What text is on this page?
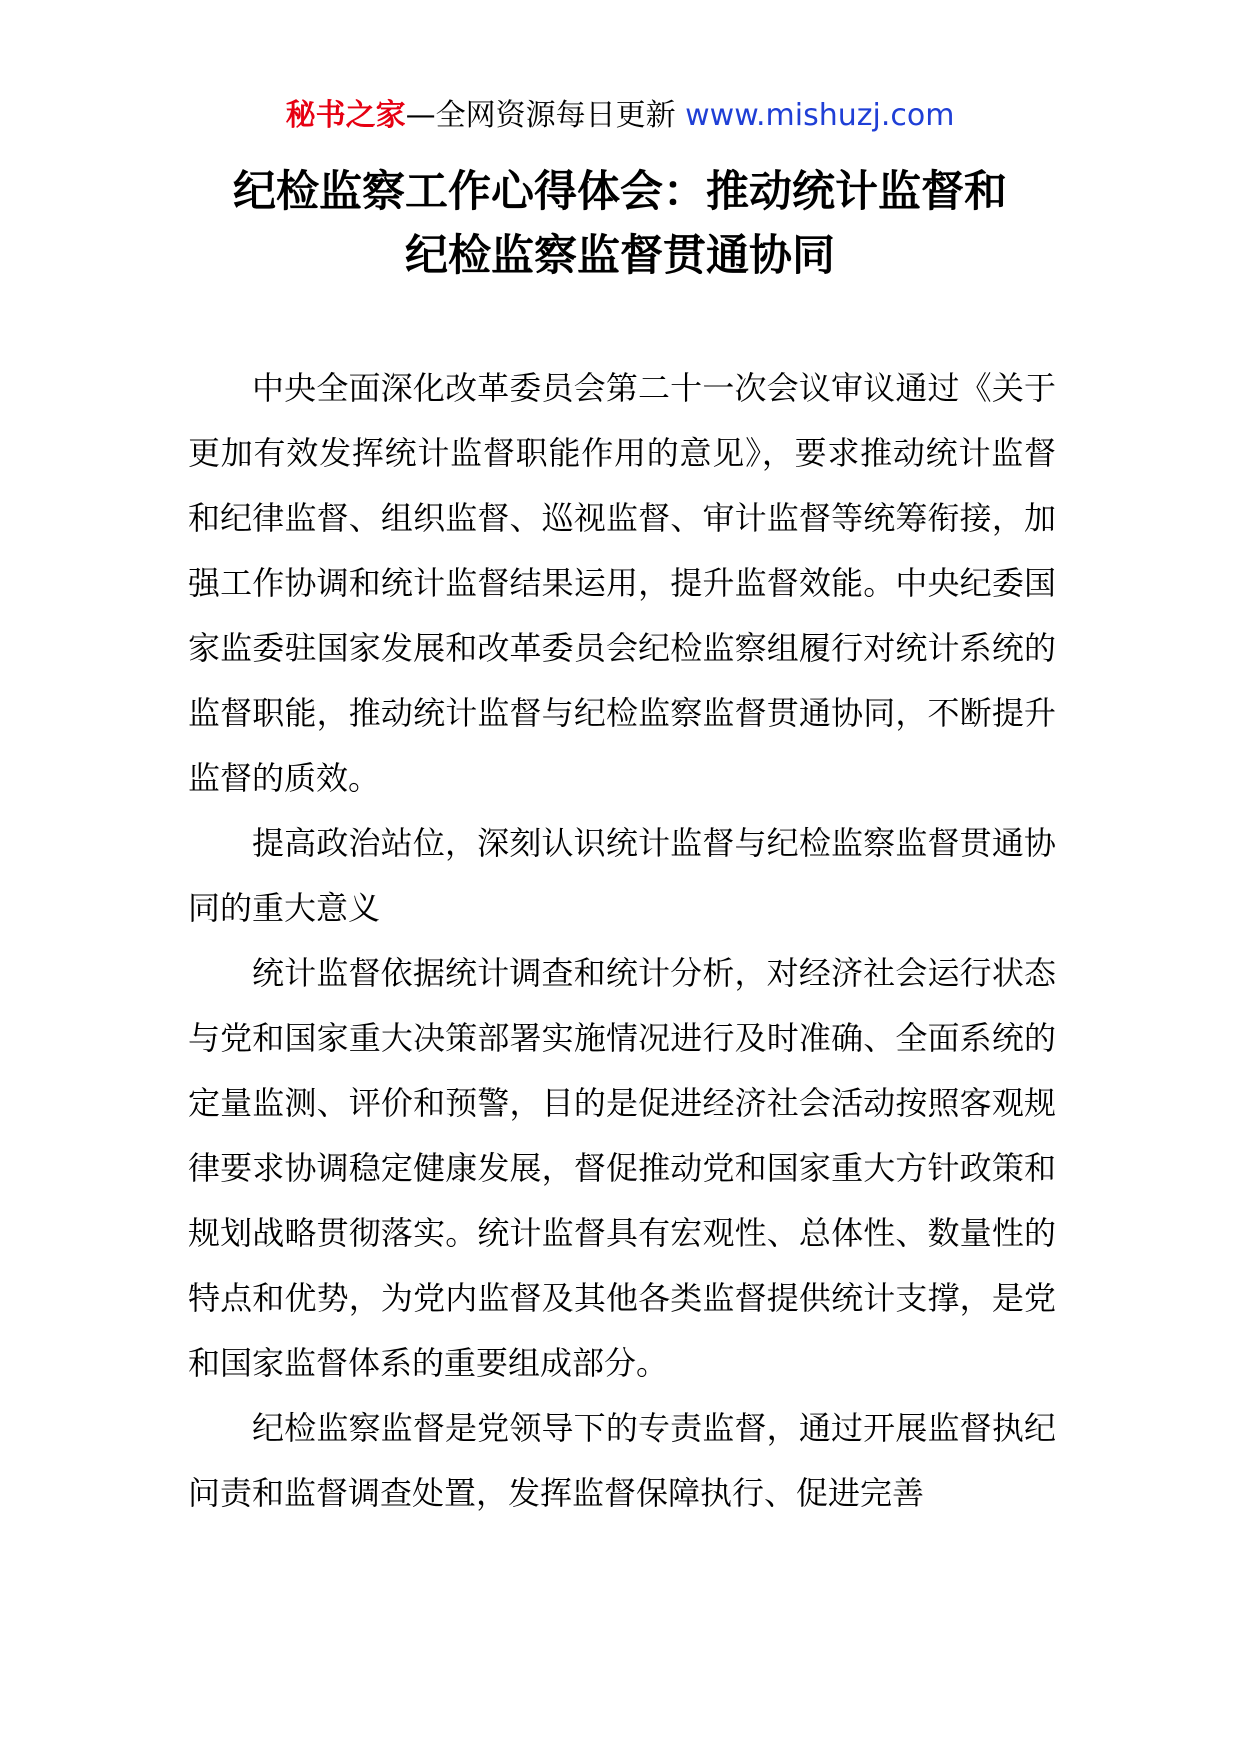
秘书之家—全网资源每日更新 www.mishuzj.com
纪检监察工作心得体会：推动统计监督和
纪检监察监督贯通协同

中央全面深化改革委员会第二十一次会议审议通过《关于更加有效发挥统计监督职能作用的意见》，要求推动统计监督和纪律监督、组织监督、巡视监督、审计监督等统筹衔接，加强工作协调和统计监督结果运用，提升监督效能。中央纪委国家监委驻国家发展和改革委员会纪检监察组履行对统计系统的监督职能，推动统计监督与纪检监察监督贯通协同，不断提升监督的质效。

提高政治站位，深刻认识统计监督与纪检监察监督贯通协同的重大意义

统计监督依据统计调查和统计分析，对经济社会运行状态与党和国家重大决策部署实施情况进行及时准确、全面系统的定量监测、评价和预警，目的是促进经济社会活动按照客观规律要求协调稳定健康发展，督促推动党和国家重大方针政策和规划战略贯彻落实。统计监督具有宏观性、总体性、数量性的特点和优势，为党内监督及其他各类监督提供统计支撑，是党和国家监督体系的重要组成部分。

纪检监察监督是党领导下的专责监督，通过开展监督执纪问责和监督调查处置，发挥监督保障执行、促进完善
